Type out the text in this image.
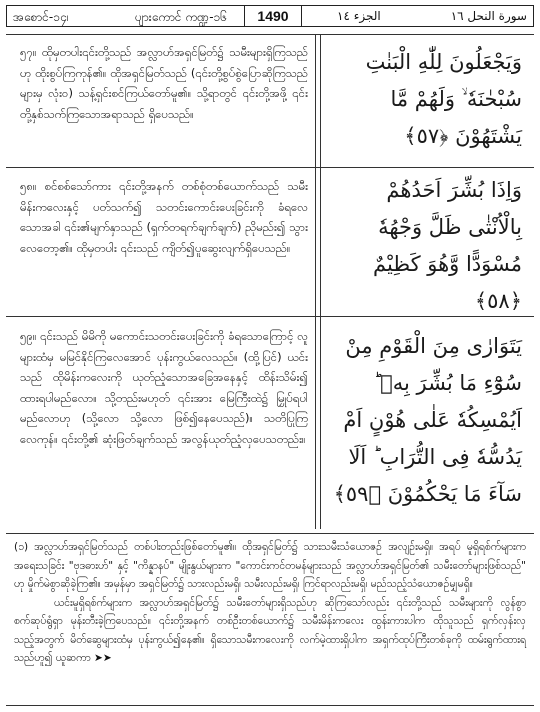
အစောင်-၁၄၊	ပျားကောင် ကဏ္ဍ-၁၆	1490	الجزء ١٤	سورة النحل ١٦
၅၇။ ထိုမှတပါး၎င်းတို့သည် အလ္လာဟ်အရှင်မြတ်၌ သမီးများရှိကြသည်ဟု ထိုးစွပ်ကြကုန်၏။ ထိုအရှင်မြတ်သည် (၎င်းတို့စွပ်စွဲပြောဆိုကြသည်များမှ လုံး၀) သန့်ရှင်းစင်ကြယ်တော်မူ၏။ သို့ရာတွင် ၎င်းတို့အဖို့ ၎င်းတို့နှစ်သက်ကြသောအရာသည် ရှိပေသည်။
وَيَجْعَلُونَ لِلّٰهِ الْبَنٰتِ سُبْحٰنَهٗ ۙ وَلَهُمْ مَّا يَشْتَهُوْنَ ﴿٥٧﴾
၅၈။ စင်စစ်သော်ကား ၎င်းတို့အနက် တစ်စုံတစ်ယောက်သည် သမီးမိန်းကလေးနှင့် ပတ်သက်၍ သတင်းကောင်းပေးခြင်းကို ခံရလေသောအခါ ၎င်း၏မျက်နှာသည် (ရှက်တရက်ချက်ချက်) ညိုမည်း၍ သွားလေတော့၏။ ထိုမှတပါး ၎င်းသည် ကျိတ်၍ပူဆွေးလျက်ရှိပေသည်။
وَاِذَا بُشِّرَ اَحَدُهُمْ بِالْاُنْثٰى ظَلَّ وَجْهُهٗ مُسْوَدًّا وَّهُوَ كَظِيْمٌ ﴿٥٨﴾
၅၉။ ၎င်းသည် မိမိကို မကောင်းသတင်းပေးခြင်းကို ခံရသောကြောင့် လူများထံမှ မမြင်နိုင်ကြလေအောင် ပုန်းကွယ်လေသည်။ (ထို့ပြင်) ယင်းသည် ထိုမိန်းကလေးကို ယုတ်ညံ့သောအခြေအနေနှင့် ထိန်းသိမ်း၍ ထားရပါမည်လော။ သို့တည်းမဟုတ် ၎င်းအား မြေကြီးထဲ၌ မြှုပ်ရပါမည်လောဟု (သို့လော သို့လော ဖြစ်၍နေပေသည်)။ သတိပြုကြလေကုန်။ ၎င်းတို့၏ ဆုံးဖြတ်ချက်သည် အလွန်ယုတ်ညံ့လှပေသတည်း။
يَتَوَارٰى مِنَ الْقَوْمِ مِنْ سُوْٓءِ مَا بُشِّرَ بِهٖ ؕ اَيُمْسِكُهٗ عَلٰى هُوْنٍ اَمْ يَدُسُّهٗ فِى التُّرَابِ ؕ اَلَا سَآءَ مَا يَحْكُمُوْنَ ﴿٥٩﴾

(၁) အလ္လာဟ်အရှင်မြတ်သည် တစ်ပါးတည်းဖြစ်တော်မူ၏။ ထိုအရှင်မြတ်၌ သားသမီးသံယောဇဉ် အလျဉ်းမရှိ။ အရပ် မူရှိရစ်က်များက အရေးသခြင်း "ဗုဒဓားဟ်" နှင့် "ကိန္နာနပ်" မျိုးနွယ်များက "ကောင်းကင်တမန်များသည် အလ္လာဟ်အရှင်မြတ်၏ သမီးတော်များဖြစ်သည်" ဟု မှိုက်မဲစွာဆိုခဲ့ကြ၏။ အမှန်မှာ အရှင်မြတ်၌ သားလည်းမရှိ၊ သမီးလည်းမရှိ၊ ကြင်ရာလည်းမရှိ၊ မည်သည့်သံယောဇဉ်မျှမရှိ။

ယင်းမူရှိရစ်က်များက အလ္လာဟ်အရှင်မြတ်၌ သမီးတော်များရှိသည်ဟု ဆိုကြသော်လည်း ၎င်းတို့သည် သမီးများကို လွန်စွာ စက်ဆုပ်ရွံရှာ မုန်းတီးခဲ့ကြပေသည်။ ၎င်းတို့အနက် တစ်ဦးတစ်ယောက်၌ သမီးမိန်းကလေး ထွန်းကားပါက ထိုသူသည် ရှက်လှန်းလှသည့်အတွက် မိတ်ဆွေများထံမှ ပုန်းကွယ်၍နေ၏။ ရှိသောသမီးကလေးကို လက်မဲ့ထားရှိပါက အရှက်ထုပ်ကြီးတစ်ခုကို ထမ်းရွက်ထားရသည်ဟူ၍ ယူဆကာ ➤➤
